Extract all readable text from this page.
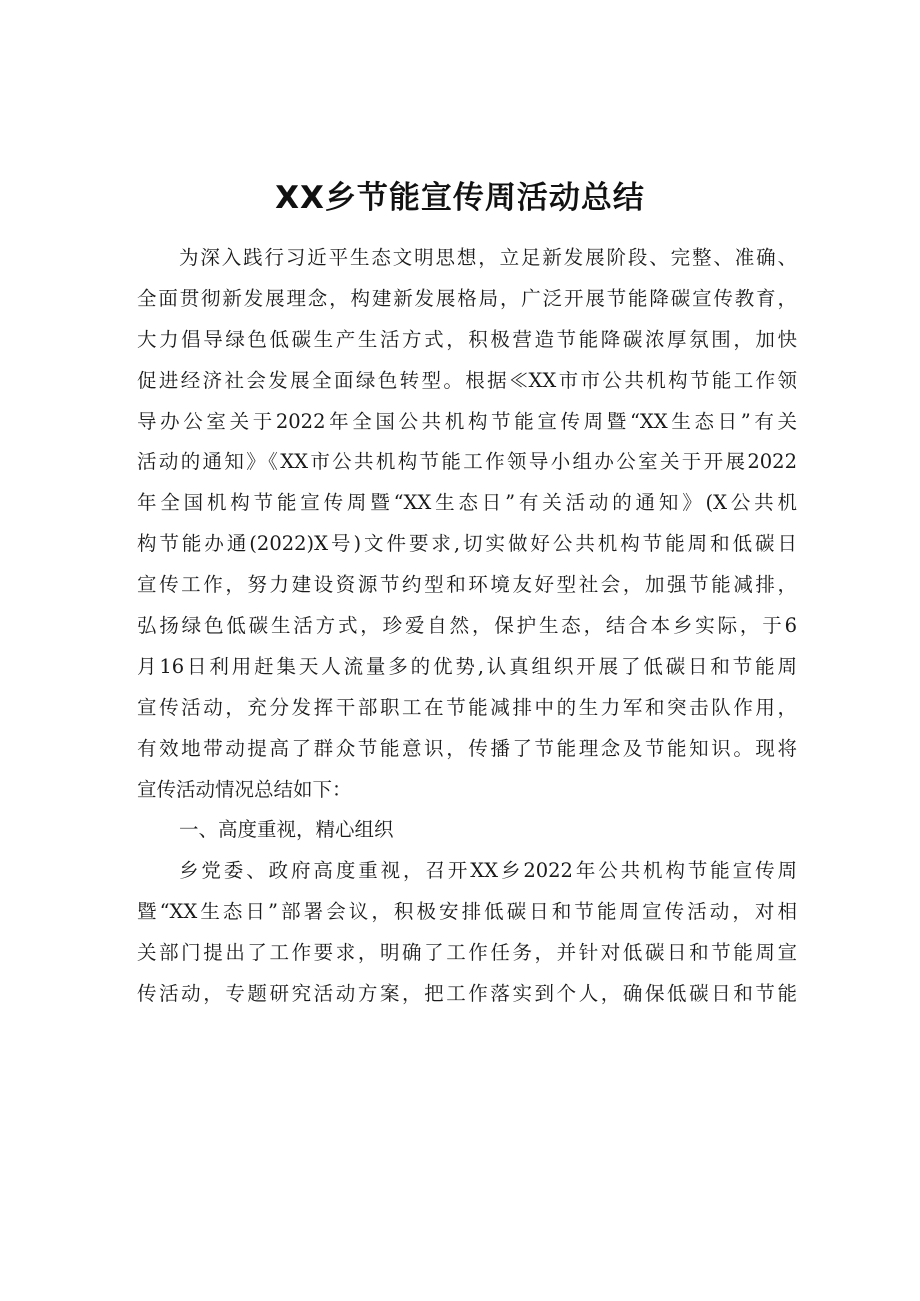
XX乡节能宣传周活动总结
为深入践行习近平生态文明思想，立足新发展阶段、完整、准确、
全面贯彻新发展理念，构建新发展格局，广泛开展节能降碳宣传教育，
大力倡导绿色低碳生产生活方式，积极营造节能降碳浓厚氛围，加快
促进经济社会发展全面绿色转型。根据≪XX市市公共机构节能工作领
导办公室关于2022年全国公共机构节能宣传周暨“XX生态日”有关
活动的通知》《XX市公共机构节能工作领导小组办公室关于开展2022
年全国机构节能宣传周暨“XX生态日”有关活动的通知》(X公共机
构节能办通(2022)X号)文件要求,切实做好公共机构节能周和低碳日
宣传工作，努力建设资源节约型和环境友好型社会，加强节能减排，
弘扬绿色低碳生活方式，珍爱自然，保护生态，结合本乡实际，于6
月16日利用赶集天人流量多的优势,认真组织开展了低碳日和节能周
宣传活动，充分发挥干部职工在节能减排中的生力军和突击队作用，
有效地带动提高了群众节能意识，传播了节能理念及节能知识。现将
宣传活动情况总结如下：
一、高度重视，精心组织
乡党委、政府高度重视，召开XX乡2022年公共机构节能宣传周
暨“XX生态日”部署会议，积极安排低碳日和节能周宣传活动，对相
关部门提出了工作要求，明确了工作任务，并针对低碳日和节能周宣
传活动，专题研究活动方案，把工作落实到个人，确保低碳日和节能
